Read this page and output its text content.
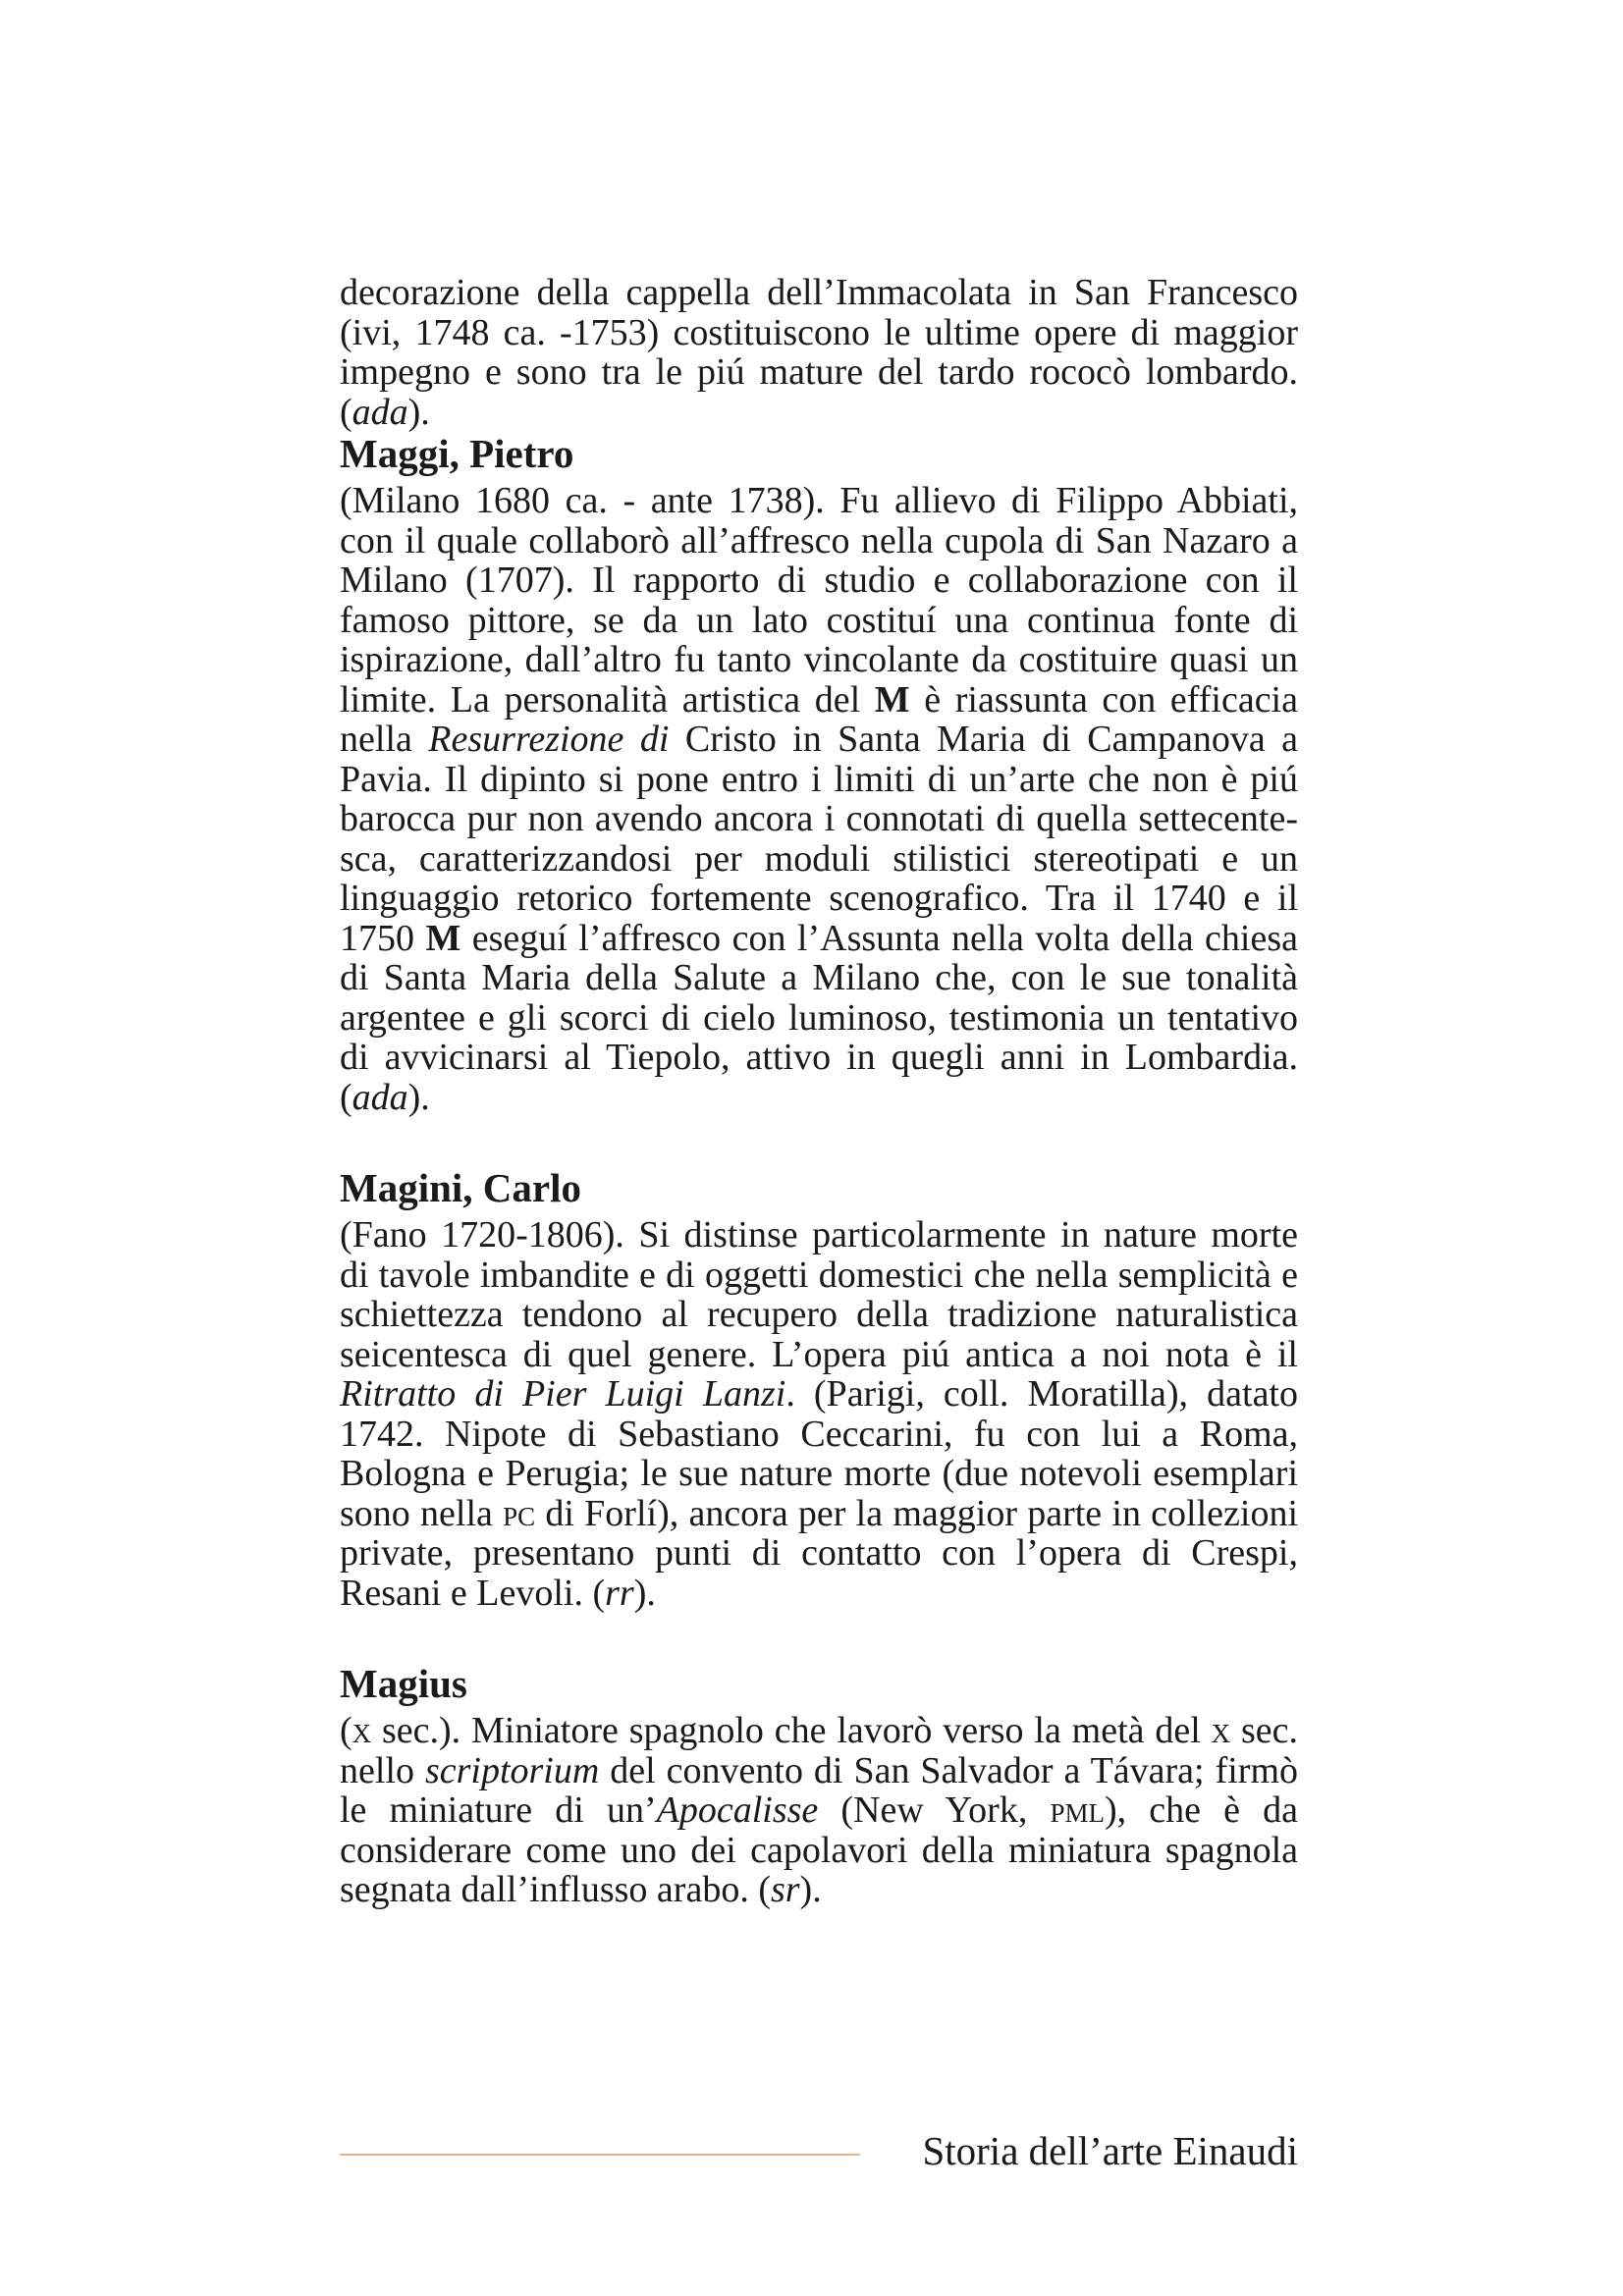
decorazione della cappella dell’Immacolata in San Francesco (ivi, 1748 ca. -1753) costituiscono le ultime opere di maggior impegno e sono tra le piú mature del tardo rococò lombardo. (ada).

Maggi, Pietro

(Milano 1680 ca. - ante 1738). Fu allievo di Filippo Abbiati, con il quale collaborò all’affresco nella cupola di San Nazaro a Milano (1707). Il rapporto di studio e collaborazione con il famoso pittore, se da un lato costituí una continua fonte di ispirazione, dall’altro fu tanto vincolante da costituire quasi un limite. La personalità artistica del M è riassunta con efficacia nella Resurrezione di Cristo in Santa Maria di Campanova a Pavia. Il dipinto si pone entro i limiti di un’arte che non è piú barocca pur non avendo ancora i connotati di quella settecentesca, caratterizzandosi per moduli stilistici stereotipati e un linguaggio retorico fortemente scenografico. Tra il 1740 e il 1750 M eseguí l’affresco con l’Assunta nella volta della chiesa di Santa Maria della Salute a Milano che, con le sue tonalità argentee e gli scorci di cielo luminoso, testimonia un tentativo di avvicinarsi al Tiepolo, attivo in quegli anni in Lombardia. (ada).

Magini, Carlo

(Fano 1720-1806). Si distinse particolarmente in nature morte di tavole imbandite e di oggetti domestici che nella semplicità e schiettezza tendono al recupero della tradizione naturalistica seicentesca di quel genere. L’opera piú antica a noi nota è il Ritratto di Pier Luigi Lanzi. (Parigi, coll. Moratilla), datato 1742. Nipote di Sebastiano Ceccarini, fu con lui a Roma, Bologna e Perugia; le sue nature morte (due notevoli esemplari sono nella pc di Forlí), ancora per la maggior parte in collezioni private, presentano punti di contatto con l’opera di Crespi, Resani e Levoli. (rr).

Magius

(x sec.). Miniatore spagnolo che lavorò verso la metà del x sec. nello scriptorium del convento di San Salvador a Távara; firmò le miniature di un’Apocalisse (New York, pml), che è da considerare come uno dei capolavori della miniatura spagnola segnata dall’influsso arabo. (sr).

Storia dell’arte Einaudi
